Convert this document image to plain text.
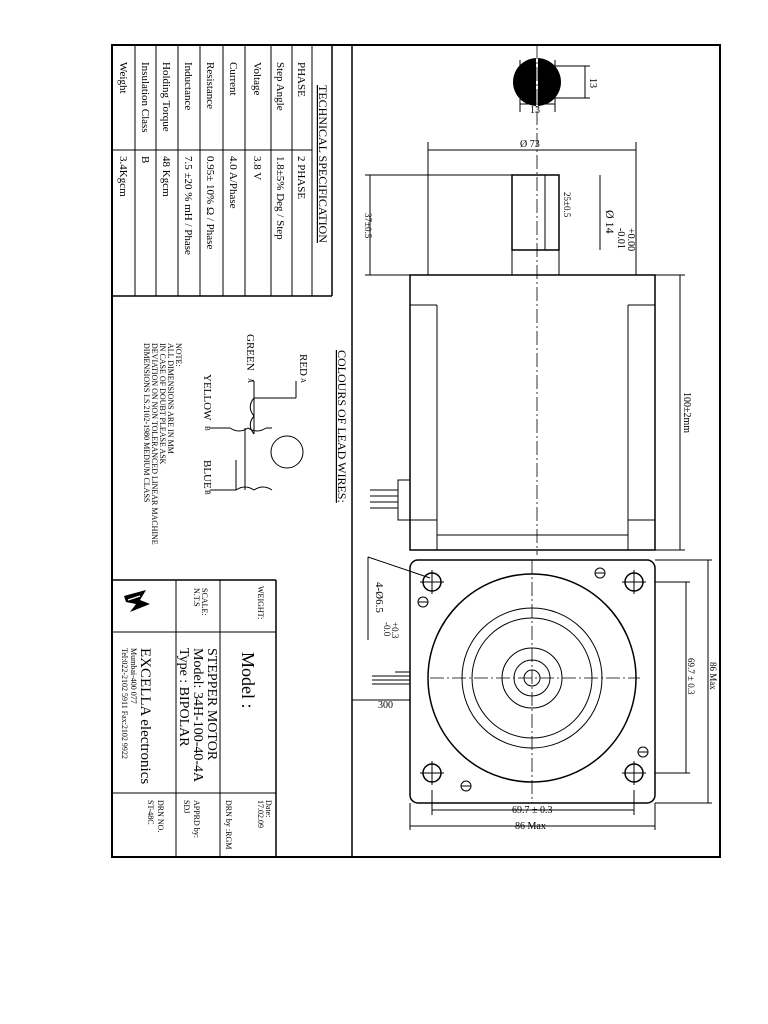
TECHNICAL SPECIFICATION
PHASE
2 PHASE
Step Angle
1.8±5% Deg / Step
Voltage
3.8 V
Current
4.0 A/Phase
Resistance
0.95± 10% Ω / Phase
Inductance
7.5 ±20 % mH / Phase
Holding Torque
48 Kgcm
Insulation Class
B
Weight
3.4Kgcm
COLOURS OF LEAD WIRES:
RED
A
GREEN
Ā
YELLOW
B
BLUE
B̄
NOTE:
ALL DIMENSIONS ARE IN MM
IN CASE OF DOUBT PLEASE ASK
DEVIATION ON NON TOLERANCED LINEAR MACHINE
DIMENSIONS I.S.2102-1980 MEDIUM CLASS
WEIGHT:
SCALE:
N.T.S
Model :
STEPPER MOTOR
Model: 34H-100-40-4A
Type : BIPOLAR
EXCELLA electronics
Mumbai-400 077
Tel:022-2102 5911 Fax:2102 9922
Date:
17.02.09
DRN by :RGM
APPRD by:
SDJ
DRN NO.
ST-48C
13
13
Ø 73
25±0.5
Ø 14
+0.00
-0.01
37±0.5
100±2mm
300
4-Ø6.5
+0.3
-0.0
69.7 ± 0.3 86 Max
69.7 ± 0.3
86 Max
